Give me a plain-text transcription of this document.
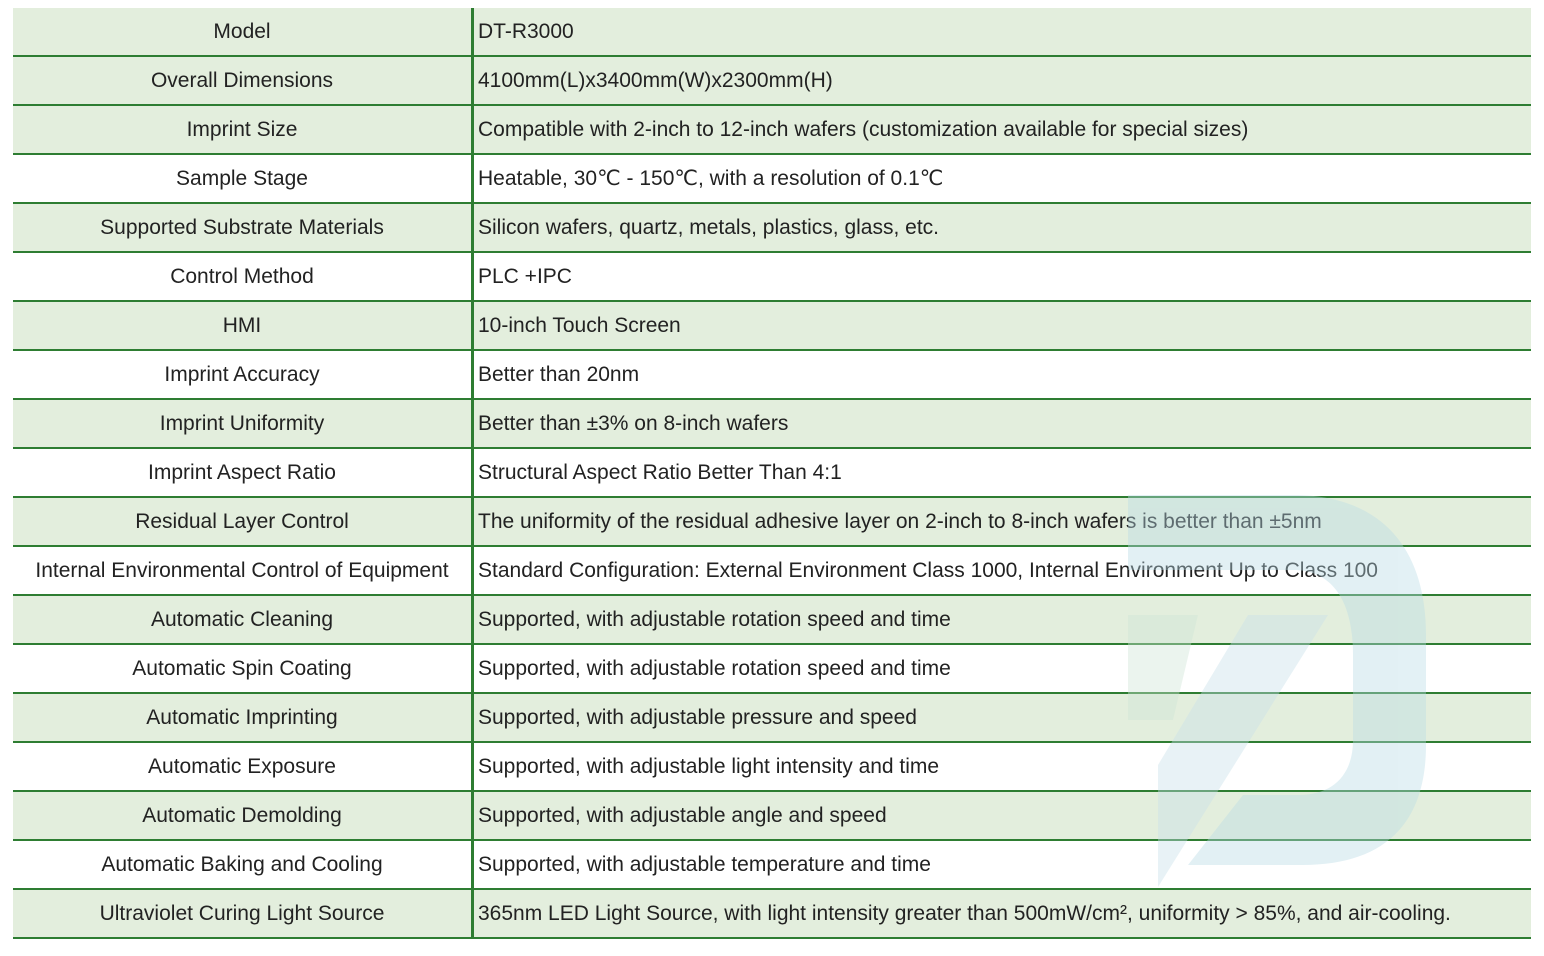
Model	DT-R3000
Overall Dimensions	4100mm(L)x3400mm(W)x2300mm(H)
Imprint Size	Compatible with 2-inch to 12-inch wafers (customization available for special sizes)
Sample Stage	Heatable, 30℃ - 150℃, with a resolution of 0.1℃
Supported Substrate Materials	Silicon wafers, quartz, metals, plastics, glass, etc.
Control Method	PLC +IPC
HMI	10-inch Touch Screen
Imprint Accuracy	Better than 20nm
Imprint Uniformity	Better than ±3% on 8-inch wafers
Imprint Aspect Ratio	Structural Aspect Ratio Better Than 4:1
Residual Layer Control	The uniformity of the residual adhesive layer on 2-inch to 8-inch wafers is better than ±5nm
Internal Environmental Control of Equipment	Standard Configuration: External Environment Class 1000, Internal Environment Up to Class 100
Automatic Cleaning	Supported, with adjustable rotation speed and time
Automatic Spin Coating	Supported, with adjustable rotation speed and time
Automatic Imprinting	Supported, with adjustable pressure and speed
Automatic Exposure	Supported, with adjustable light intensity and time
Automatic Demolding	Supported, with adjustable angle and speed
Automatic Baking and Cooling	Supported, with adjustable temperature and time
Ultraviolet Curing Light Source	365nm LED Light Source, with light intensity greater than 500mW/cm², uniformity > 85%, and air-cooling.
